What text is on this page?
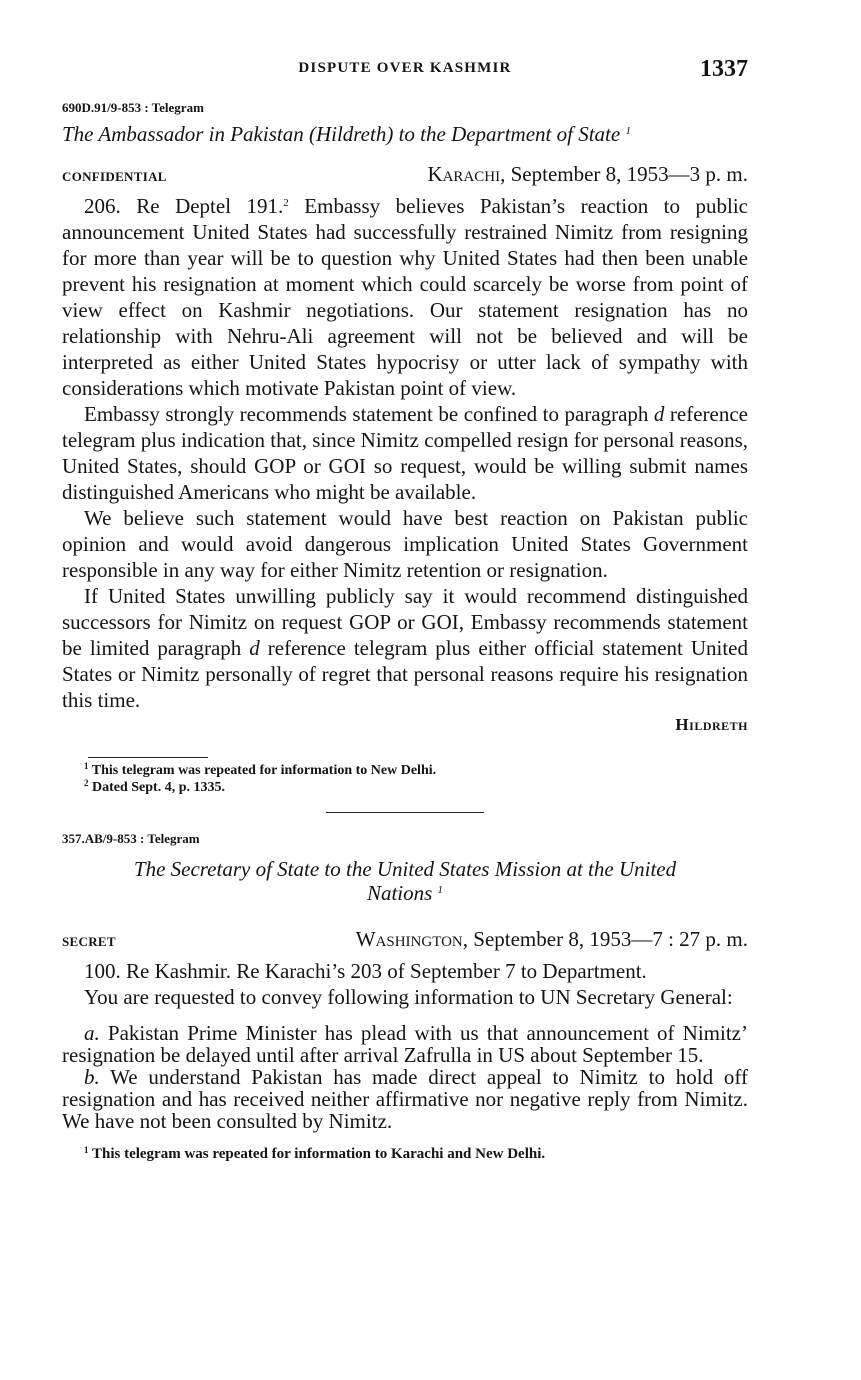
DISPUTE OVER KASHMIR	1337
690D.91/9-853 : Telegram
The Ambassador in Pakistan (Hildreth) to the Department of State $^1$
CONFIDENTIAL	Karachi, September 8, 1953—3 p. m.

206. Re Deptel 191.$^2$ Embassy believes Pakistan’s reaction to public announcement United States had successfully restrained Nimitz from resigning for more than year will be to question why United States had then been unable prevent his resignation at moment which could scarcely be worse from point of view effect on Kashmir negotiations. Our statement resignation has no relationship with Nehru-Ali agreement will not be believed and will be interpreted as either United States hypocrisy or utter lack of sympathy with considerations which motivate Pakistan point of view.

Embassy strongly recommends statement be confined to paragraph d reference telegram plus indication that, since Nimitz compelled resign for personal reasons, United States, should GOP or GOI so request, would be willing submit names distinguished Americans who might be available.

We believe such statement would have best reaction on Pakistan public opinion and would avoid dangerous implication United States Government responsible in any way for either Nimitz retention or resignation.

If United States unwilling publicly say it would recommend distinguished successors for Nimitz on request GOP or GOI, Embassy recommends statement be limited paragraph d reference telegram plus either official statement United States or Nimitz personally of regret that personal reasons require his resignation this time.

Hildreth
$^1$ This telegram was repeated for information to New Delhi.
$^2$ Dated Sept. 4, p. 1335.
357.AB/9-853 : Telegram
The Secretary of State to the United States Mission at the United Nations $^1$
SECRET	Washington, September 8, 1953—7 : 27 p. m.

100. Re Kashmir. Re Karachi’s 203 of September 7 to Department.

You are requested to convey following information to UN Secretary General:

a. Pakistan Prime Minister has plead with us that announcement of Nimitz’ resignation be delayed until after arrival Zafrulla in US about September 15.

b. We understand Pakistan has made direct appeal to Nimitz to hold off resignation and has received neither affirmative nor negative reply from Nimitz. We have not been consulted by Nimitz.

$^1$ This telegram was repeated for information to Karachi and New Delhi.
